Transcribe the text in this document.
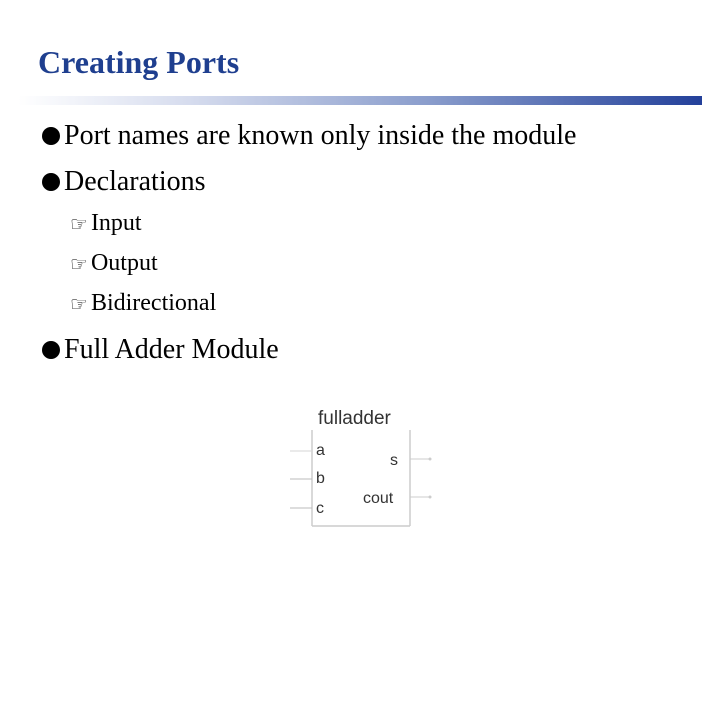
Creating Ports
Port names are known only inside the module
Declarations
☞ Input
☞ Output
☞ Bidirectional
Full Adder Module
fulladder
a
b
c
s
cout
